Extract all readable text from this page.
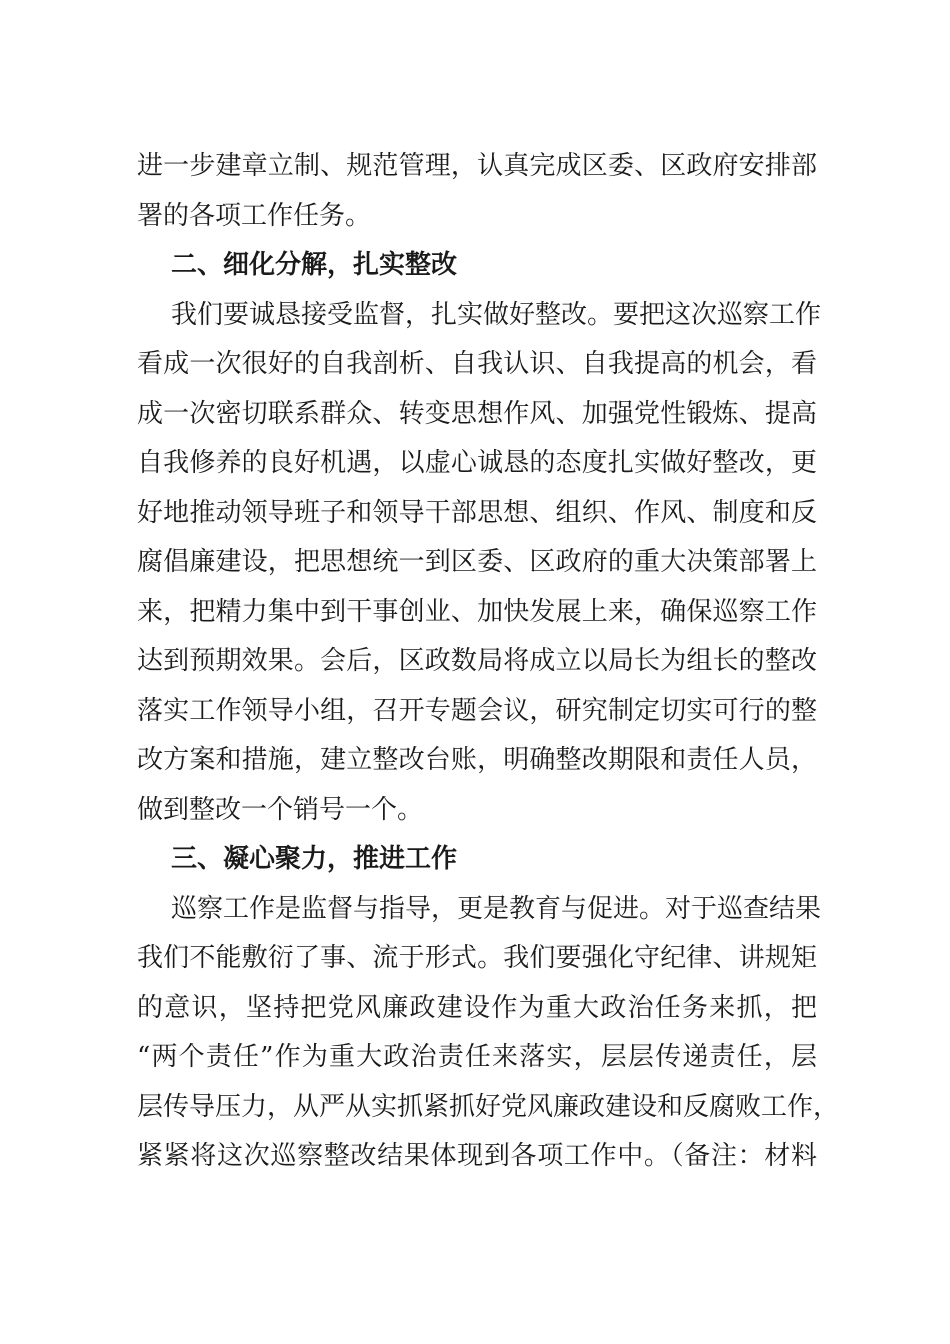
进一步建章立制、规范管理，认真完成区委、区政府安排部
署的各项工作任务。
二、细化分解，扎实整改
我们要诚恳接受监督，扎实做好整改。要把这次巡察工作
看成一次很好的自我剖析、自我认识、自我提高的机会，看
成一次密切联系群众、转变思想作风、加强党性锻炼、提高
自我修养的良好机遇，以虚心诚恳的态度扎实做好整改，更
好地推动领导班子和领导干部思想、组织、作风、制度和反
腐倡廉建设，把思想统一到区委、区政府的重大决策部署上
来，把精力集中到干事创业、加快发展上来，确保巡察工作
达到预期效果。会后，区政数局将成立以局长为组长的整改
落实工作领导小组，召开专题会议，研究制定切实可行的整
改方案和措施，建立整改台账，明确整改期限和责任人员，
做到整改一个销号一个。
三、凝心聚力，推进工作
巡察工作是监督与指导，更是教育与促进。对于巡查结果
我们不能敷衍了事、流于形式。我们要强化守纪律、讲规矩
的意识，坚持把党风廉政建设作为重大政治任务来抓，把
“两个责任”作为重大政治责任来落实，层层传递责任，层
层传导压力，从严从实抓紧抓好党风廉政建设和反腐败工作，
紧紧将这次巡察整改结果体现到各项工作中。（备注：材料
